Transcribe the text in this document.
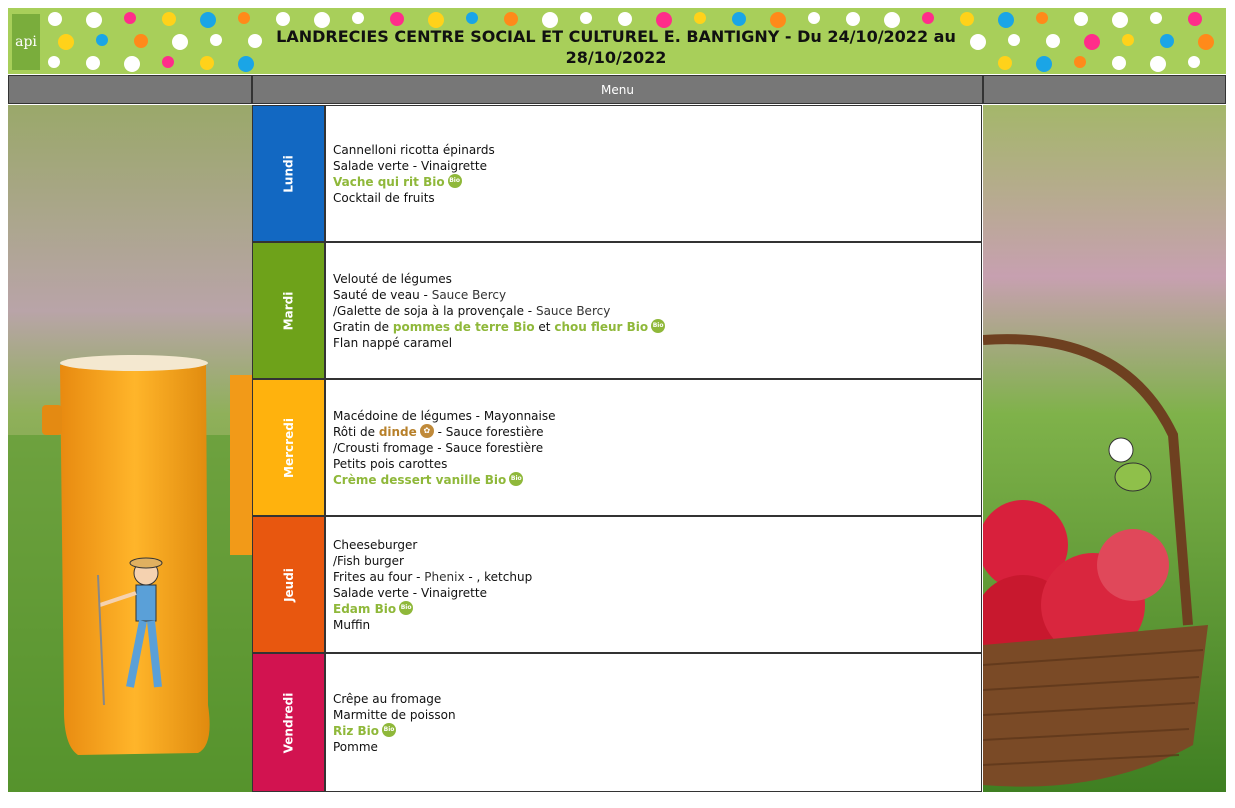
api	LANDRECIES CENTRE SOCIAL ET CULTUREL E. BANTIGNY - Du 24/10/2022 au 28/10/2022
Menu
Lundi
Cannelloni ricotta épinards
Salade verte - Vinaigrette
Vache qui rit Bio Bio
Cocktail de fruits
Mardi
Velouté de légumes
Sauté de veau - Sauce Bercy
/Galette de soja à la provençale - Sauce Bercy
Gratin de pommes de terre Bio et chou fleur Bio Bio
Flan nappé caramel
Mercredi
Macédoine de légumes - Mayonnaise
Rôti de dinde ✿ - Sauce forestière
/Crousti fromage - Sauce forestière
Petits pois carottes
Crème dessert vanille Bio Bio
Jeudi
Cheeseburger
/Fish burger
Frites au four - Phenix - , ketchup
Salade verte - Vinaigrette
Edam Bio Bio
Muffin
Vendredi	Crêpe au fromage
Marmitte de poisson
Riz Bio Bio
Pomme
